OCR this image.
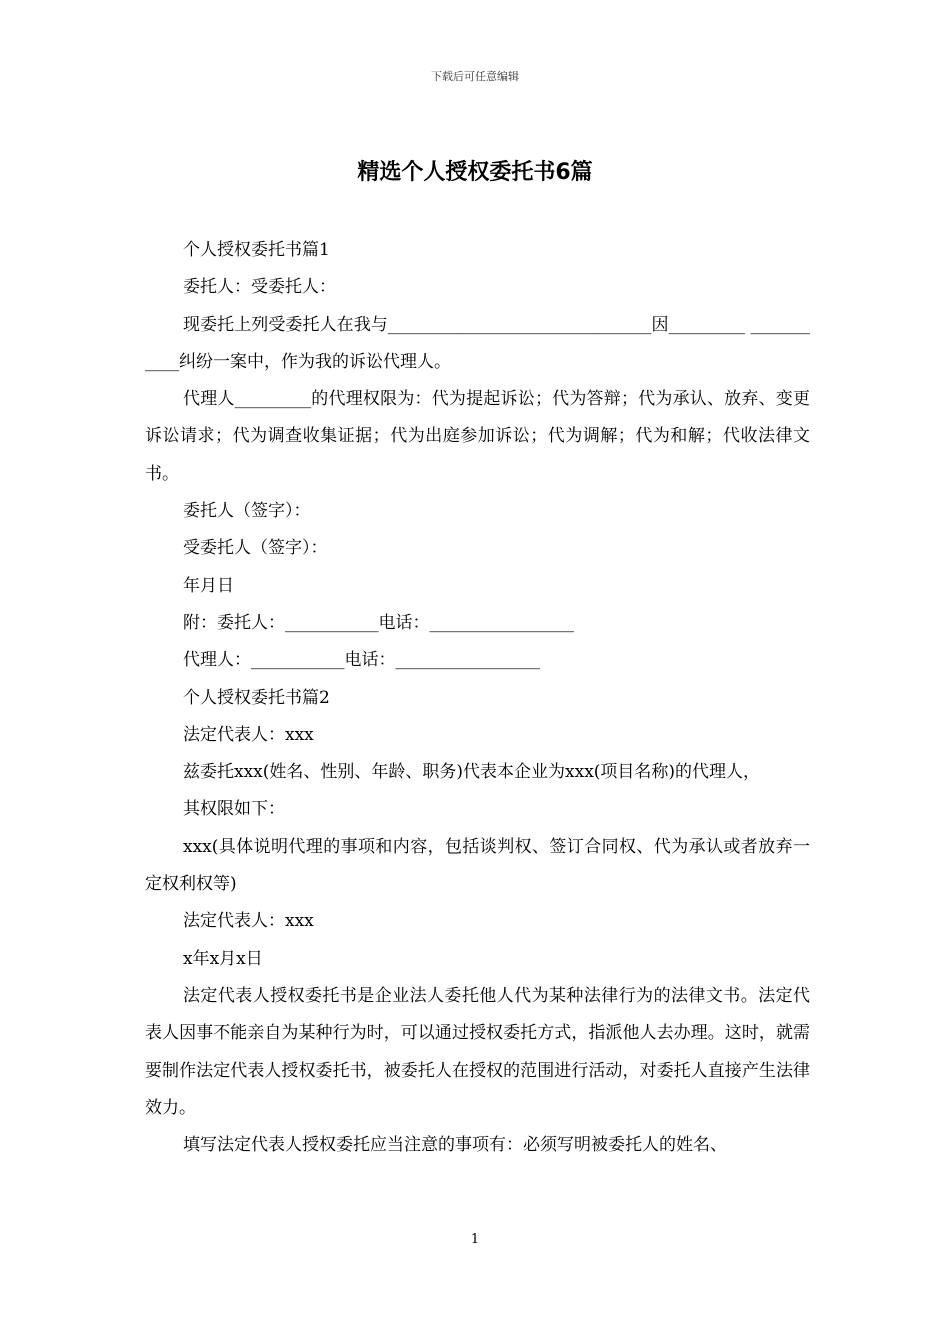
下载后可任意编辑
精选个人授权委托书6篇

个人授权委托书篇1

委托人：受委托人：

现委托上列受委托人在我与_______________________________因_________ ___________纠纷一案中，作为我的诉讼代理人。

代理人_________的代理权限为：代为提起诉讼；代为答辩；代为承认、放弃、变更诉讼请求；代为调查收集证据；代为出庭参加诉讼；代为调解；代为和解；代收法律文书。

委托人（签字）：

受委托人（签字）：

年月日

附：委托人：___________电话：_________________

代理人：___________电话：_________________

个人授权委托书篇2

法定代表人：xxx

兹委托xxx(姓名、性别、年龄、职务)代表本企业为xxx(项目名称)的代理人，

其权限如下：

xxx(具体说明代理的事项和内容，包括谈判权、签订合同权、代为承认或者放弃一定权利权等)

法定代表人：xxx

x年x月x日

法定代表人授权委托书是企业法人委托他人代为某种法律行为的法律文书。法定代表人因事不能亲自为某种行为时，可以通过授权委托方式，指派他人去办理。这时，就需要制作法定代表人授权委托书，被委托人在授权的范围进行活动，对委托人直接产生法律效力。

填写法定代表人授权委托应当注意的事项有：必须写明被委托人的姓名、

1
